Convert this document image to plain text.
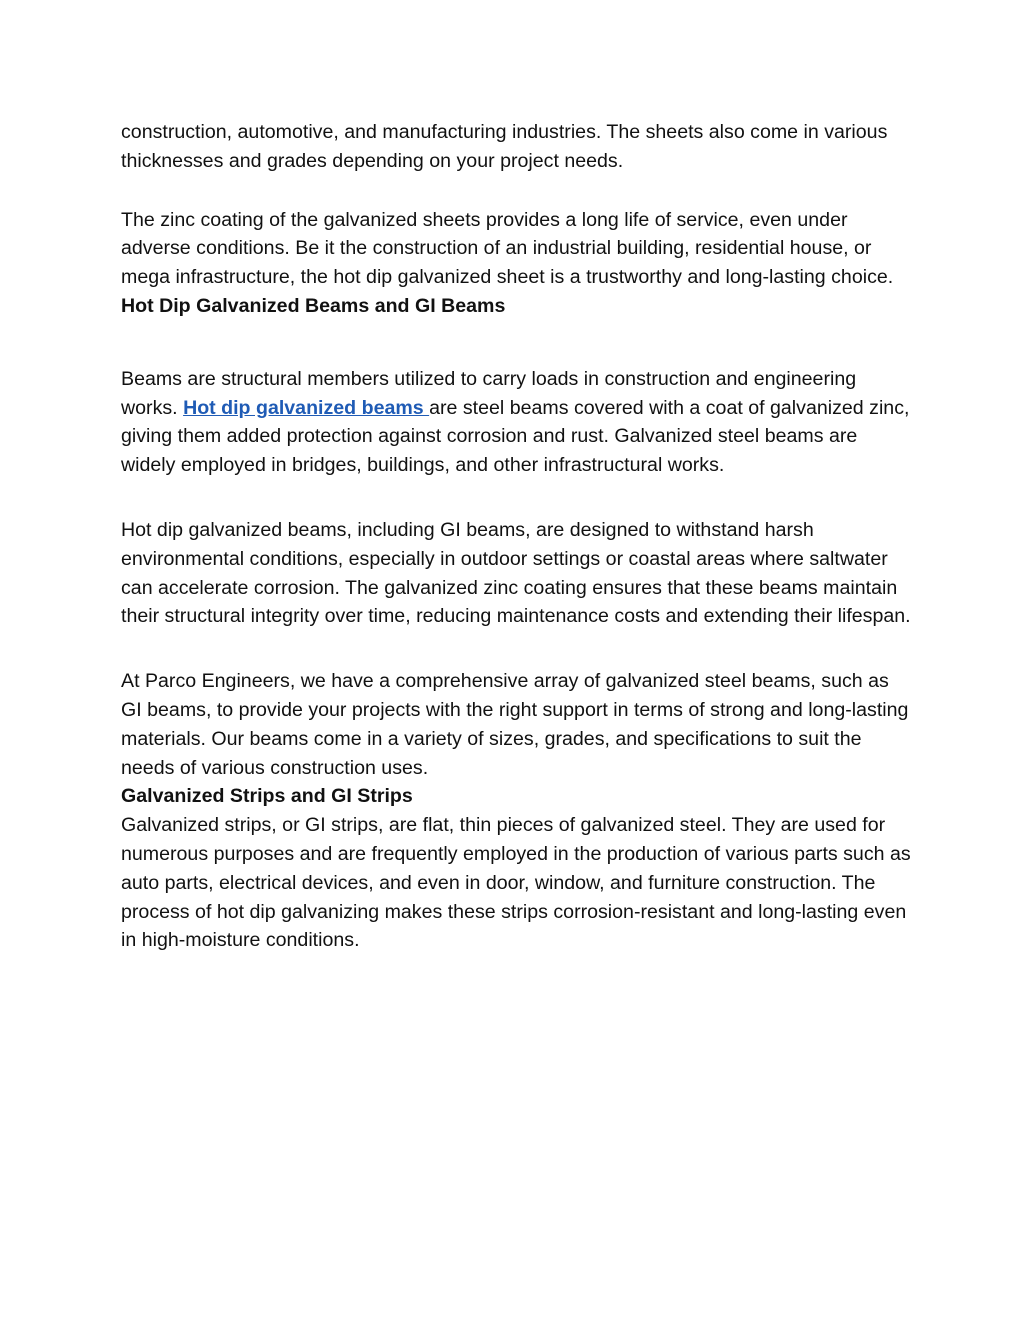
construction, automotive, and manufacturing industries. The sheets also come in various thicknesses and grades depending on your project needs.

The zinc coating of the galvanized sheets provides a long life of service, even under adverse conditions. Be it the construction of an industrial building, residential house, or mega infrastructure, the hot dip galvanized sheet is a trustworthy and long-lasting choice.

Hot Dip Galvanized Beams and GI Beams

Beams are structural members utilized to carry loads in construction and engineering works. Hot dip galvanized beams are steel beams covered with a coat of galvanized zinc, giving them added protection against corrosion and rust. Galvanized steel beams are widely employed in bridges, buildings, and other infrastructural works.

Hot dip galvanized beams, including GI beams, are designed to withstand harsh environmental conditions, especially in outdoor settings or coastal areas where saltwater can accelerate corrosion. The galvanized zinc coating ensures that these beams maintain their structural integrity over time, reducing maintenance costs and extending their lifespan.

At Parco Engineers, we have a comprehensive array of galvanized steel beams, such as GI beams, to provide your projects with the right support in terms of strong and long-lasting materials. Our beams come in a variety of sizes, grades, and specifications to suit the needs of various construction uses.

Galvanized Strips and GI Strips

Galvanized strips, or GI strips, are flat, thin pieces of galvanized steel. They are used for numerous purposes and are frequently employed in the production of various parts such as auto parts, electrical devices, and even in door, window, and furniture construction. The process of hot dip galvanizing makes these strips corrosion-resistant and long-lasting even in high-moisture conditions.
